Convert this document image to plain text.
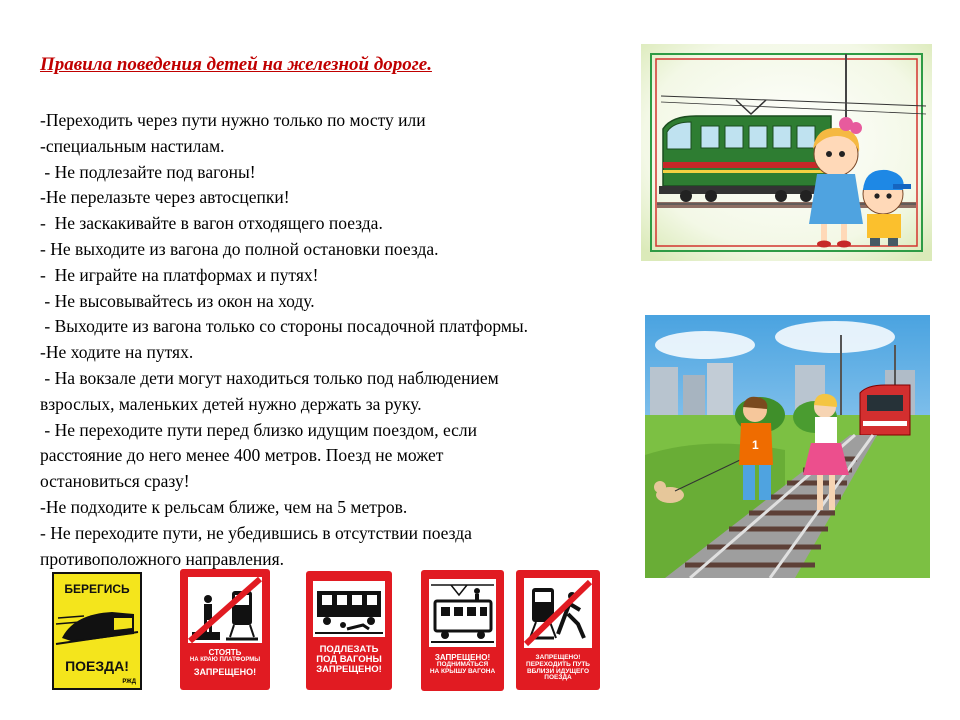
Правила поведения детей на железной дороге.
-Переходить через пути нужно только по мосту или
-специальным настилам.
- Не подлезайте под вагоны!
-Не перелазьте через автосцепки!
-  Не заскакивайте в вагон отходящего поезда.
- Не выходите из вагона до полной остановки поезда.
-  Не играйте на платформах и путях!
- Не высовывайтесь из окон на ходу.
- Выходите из вагона только со стороны посадочной платформы.
-Не ходите на путях.
- На вокзале дети могут находиться только под наблюдением
взрослых, маленьких детей нужно держать за руку.
- Не переходите пути перед близко идущим поездом, если
расстояние до него менее 400 метров. Поезд не может
остановиться сразу!
-Не подходите к рельсам ближе, чем на 5 метров.
- Не переходите пути, не убедившись в отсутствии поезда
противоположного направления.
1
БЕРЕГИСЬ
ПОЕЗДА!
РЖД
СТОЯТЬ
НА КРАЮ ПЛАТФОРМЫ
ЗАПРЕЩЕНО!
ПОДЛЕЗАТЬ
ПОД ВАГОНЫ
ЗАПРЕЩЕНО!
ЗАПРЕЩЕНО!
ПОДНИМАТЬСЯ
НА КРЫШУ ВАГОНА
ЗАПРЕЩЕНО!
ПЕРЕХОДИТЬ ПУТЬ
ВБЛИЗИ ИДУЩЕГО
ПОЕЗДА
